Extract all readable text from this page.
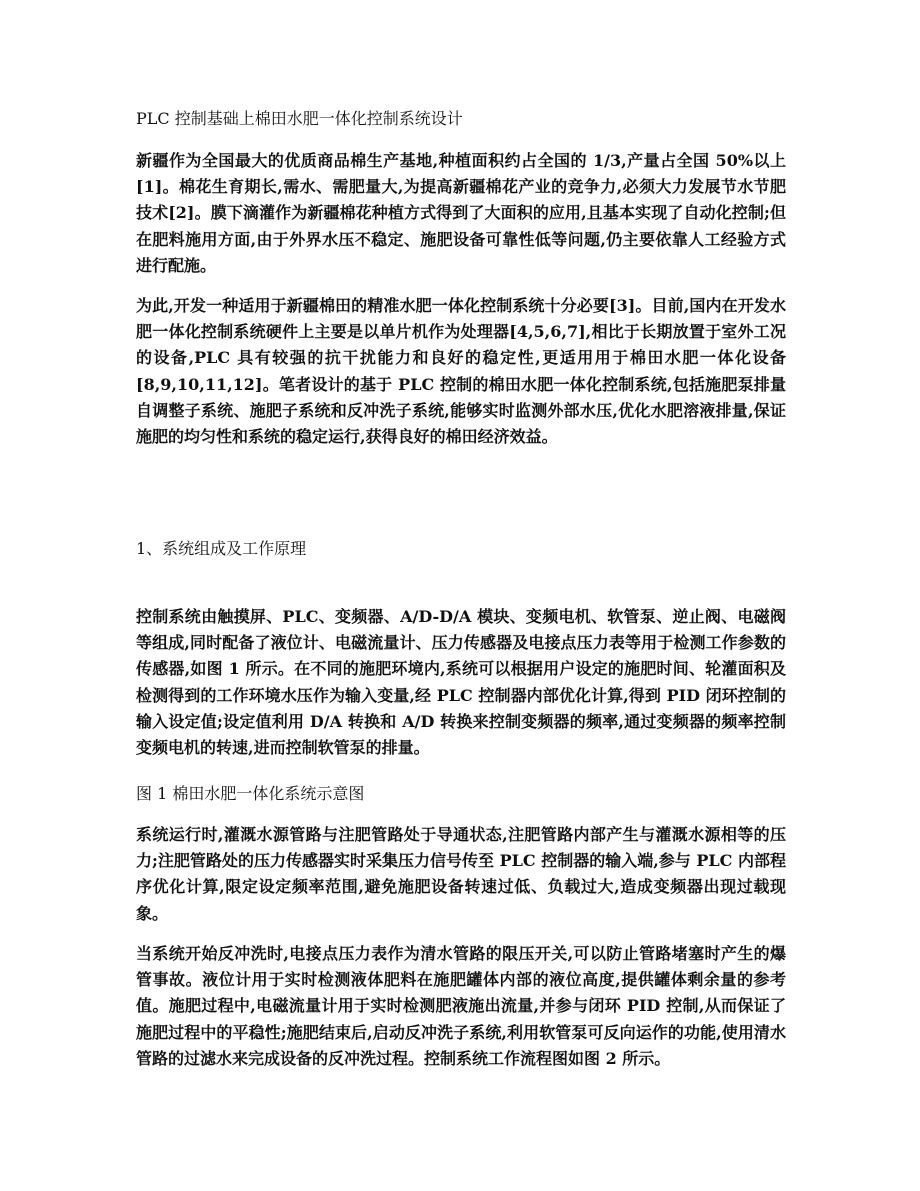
PLC 控制基础上棉田水肥一体化控制系统设计

新疆作为全国最大的优质商品棉生产基地,种植面积约占全国的 1/3,产量占全国 50%以上[1]。棉花生育期长,需水、需肥量大,为提高新疆棉花产业的竞争力,必须大力发展节水节肥技术[2]。膜下滴灌作为新疆棉花种植方式得到了大面积的应用,且基本实现了自动化控制;但在肥料施用方面,由于外界水压不稳定、施肥设备可靠性低等问题,仍主要依靠人工经验方式进行配施。

为此,开发一种适用于新疆棉田的精准水肥一体化控制系统十分必要[3]。目前,国内在开发水肥一体化控制系统硬件上主要是以单片机作为处理器[4,5,6,7],相比于长期放置于室外工况的设备,PLC 具有较强的抗干扰能力和良好的稳定性,更适用用于棉田水肥一体化设备[8,9,10,11,12]。笔者设计的基于 PLC 控制的棉田水肥一体化控制系统,包括施肥泵排量自调整子系统、施肥子系统和反冲洗子系统,能够实时监测外部水压,优化水肥溶液排量,保证施肥的均匀性和系统的稳定运行,获得良好的棉田经济效益。

1、系统组成及工作原理

控制系统由触摸屏、PLC、变频器、A/D-D/A 模块、变频电机、软管泵、逆止阀、电磁阀等组成,同时配备了液位计、电磁流量计、压力传感器及电接点压力表等用于检测工作参数的传感器,如图 1 所示。在不同的施肥环境内,系统可以根据用户设定的施肥时间、轮灌面积及检测得到的工作环境水压作为输入变量,经 PLC 控制器内部优化计算,得到 PID 闭环控制的输入设定值;设定值利用 D/A 转换和 A/D 转换来控制变频器的频率,通过变频器的频率控制变频电机的转速,进而控制软管泵的排量。

图 1 棉田水肥一体化系统示意图

系统运行时,灌溉水源管路与注肥管路处于导通状态,注肥管路内部产生与灌溉水源相等的压力;注肥管路处的压力传感器实时采集压力信号传至 PLC 控制器的输入端,参与 PLC 内部程序优化计算,限定设定频率范围,避免施肥设备转速过低、负载过大,造成变频器出现过载现象。

当系统开始反冲洗时,电接点压力表作为清水管路的限压开关,可以防止管路堵塞时产生的爆管事故。液位计用于实时检测液体肥料在施肥罐体内部的液位高度,提供罐体剩余量的参考值。施肥过程中,电磁流量计用于实时检测肥液施出流量,并参与闭环 PID 控制,从而保证了施肥过程中的平稳性;施肥结束后,启动反冲洗子系统,利用软管泵可反向运作的功能,使用清水管路的过滤水来完成设备的反冲洗过程。控制系统工作流程图如图 2 所示。
